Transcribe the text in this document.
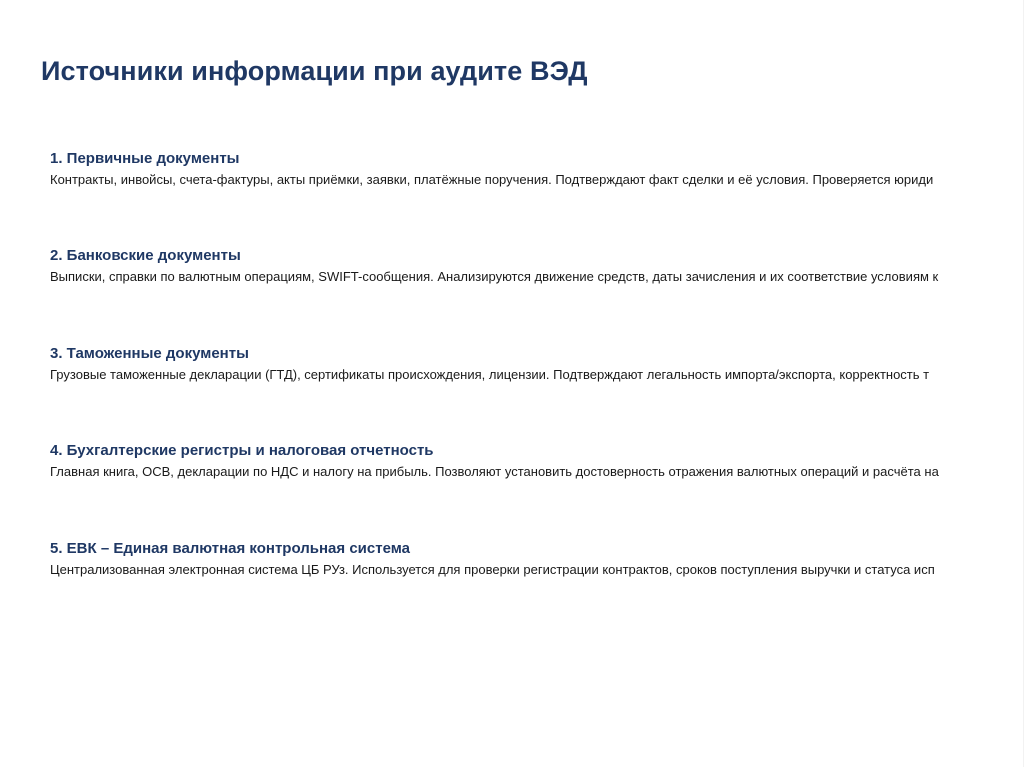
Источники информации при аудите ВЭД
1. Первичные документы
Контракты, инвойсы, счета-фактуры, акты приёмки, заявки, платёжные поручения. Подтверждают факт сделки и её условия. Проверяется юриди
2. Банковские документы
Выписки, справки по валютным операциям, SWIFT-сообщения. Анализируются движение средств, даты зачисления и их соответствие условиям к
3. Таможенные документы
Грузовые таможенные декларации (ГТД), сертификаты происхождения, лицензии. Подтверждают легальность импорта/экспорта, корректность т
4. Бухгалтерские регистры и налоговая отчетность
Главная книга, ОСВ, декларации по НДС и налогу на прибыль. Позволяют установить достоверность отражения валютных операций и расчёта на
5. ЕВК – Единая валютная контрольная система
Централизованная электронная система ЦБ РУз. Используется для проверки регистрации контрактов, сроков поступления выручки и статуса исп
